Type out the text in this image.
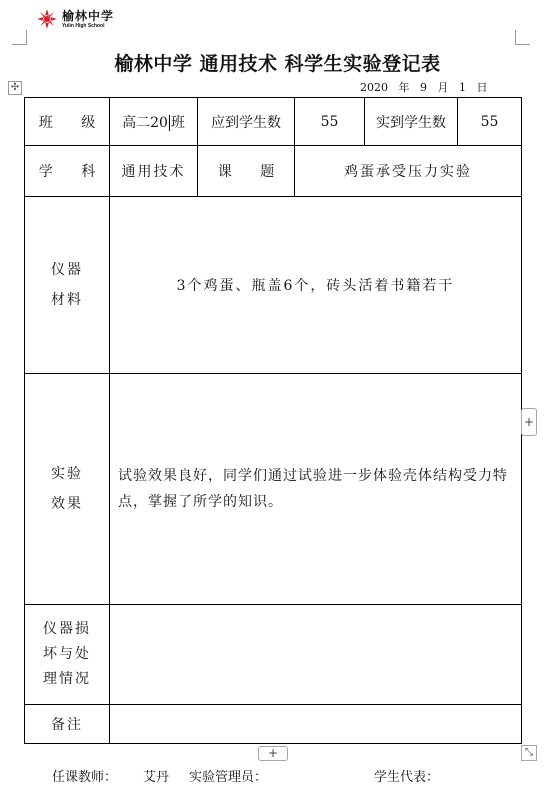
榆林中学
Yulin High School
榆林中学 通用技术 科学生实验登记表
2020 年 9 月 1 日
✣
班 级	高二20 班	应到学生数	55	实到学生数	55
学 科	通用技术	课 题	鸡蛋承受压力实验		

仪器
材料	3个鸡蛋、瓶盖6个，砖头活着书籍若干				

实验
效果	试验效果良好，同学们通过试验进一步体验壳体结构受力特点，掌握了所学的知识。				

仪器损
坏与处
理情况					

备注					
+
+	⤡
任课教师： 艾丹 实验管理员：	学生代表：
